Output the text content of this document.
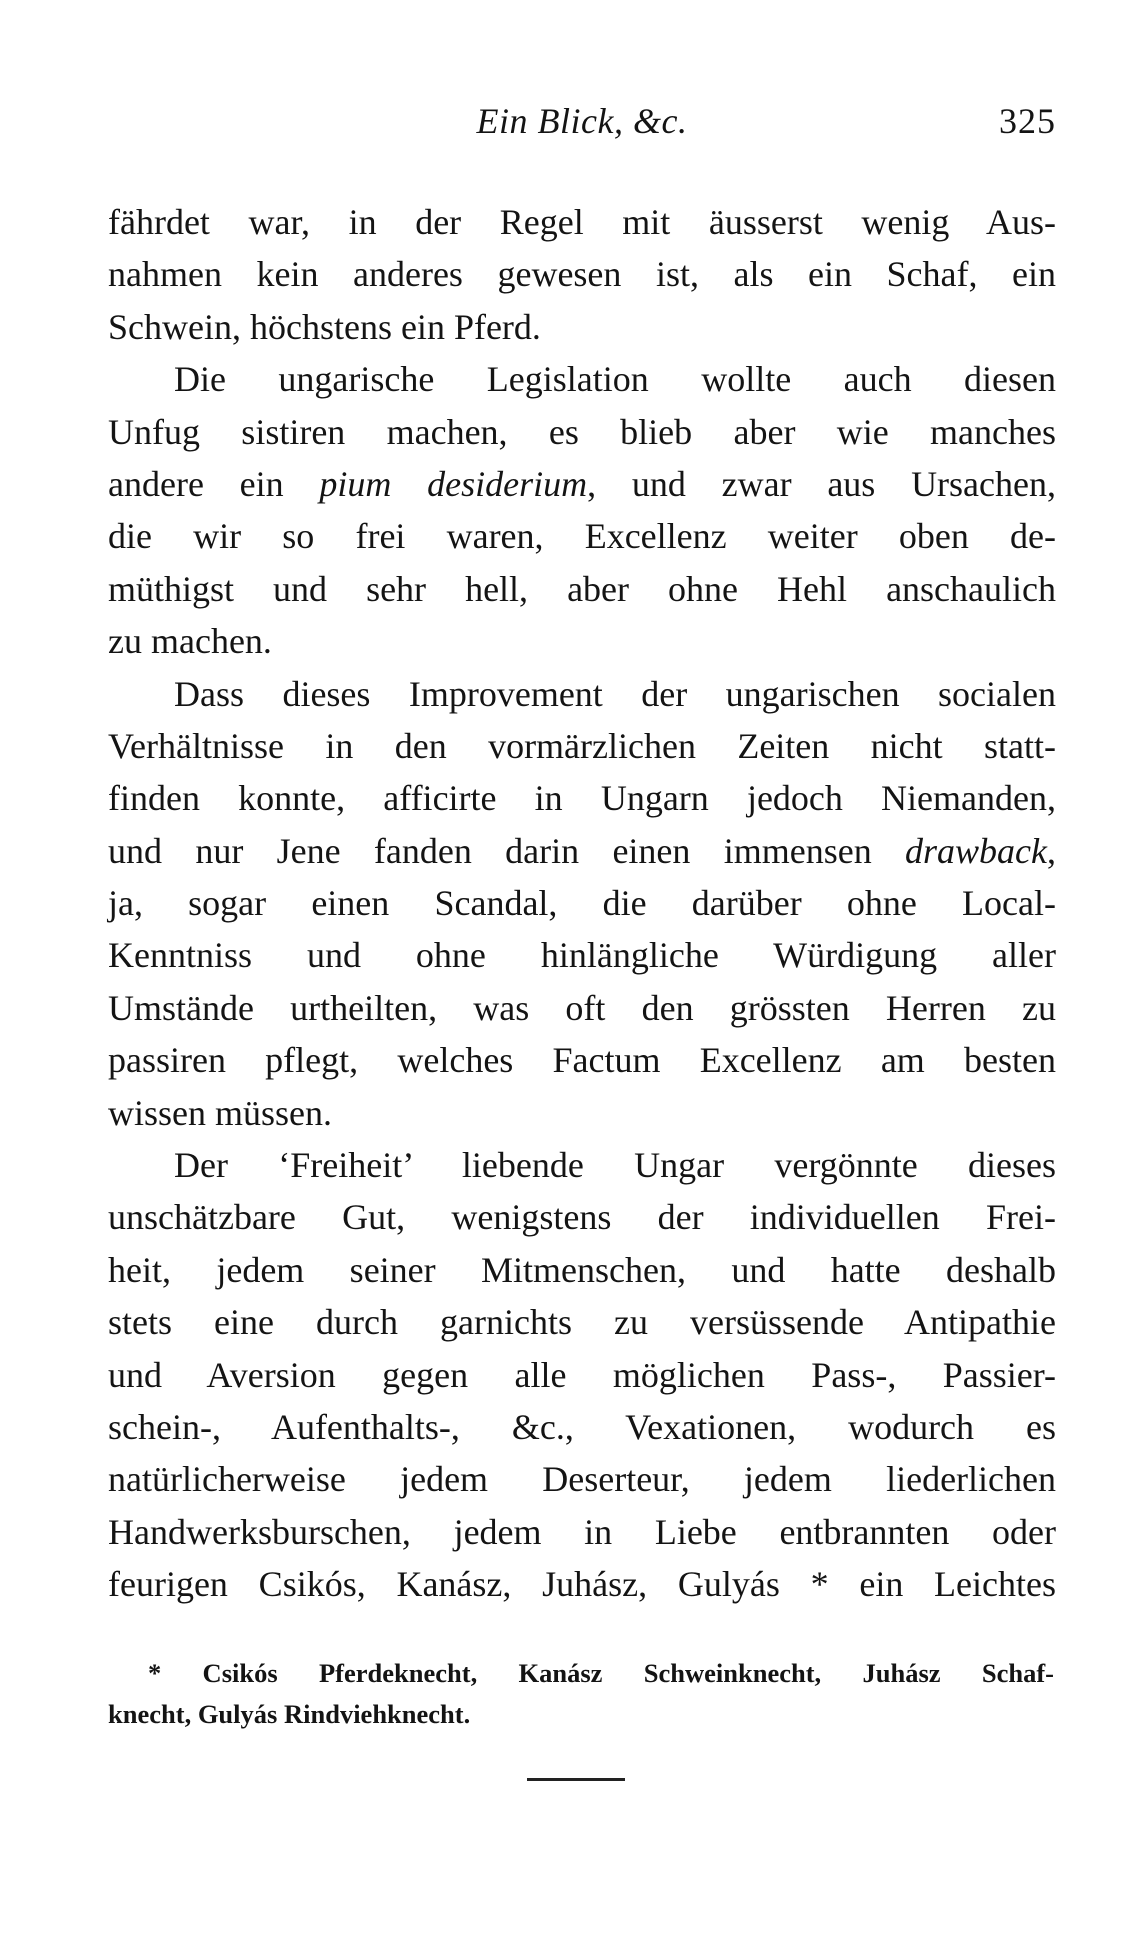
Ein Blick, &c.	325
fährdet war, in der Regel mit äusserst wenig Aus-
nahmen kein anderes gewesen ist, als ein Schaf, ein
Schwein, höchstens ein Pferd.
Die ungarische Legislation wollte auch diesen
Unfug sistiren machen, es blieb aber wie manches
andere ein pium desiderium, und zwar aus Ursachen,
die wir so frei waren, Excellenz weiter oben de-
müthigst und sehr hell, aber ohne Hehl anschaulich
zu machen.
Dass dieses Improvement der ungarischen socialen
Verhältnisse in den vormärzlichen Zeiten nicht statt-
finden konnte, afficirte in Ungarn jedoch Niemanden,
und nur Jene fanden darin einen immensen drawback,
ja, sogar einen Scandal, die darüber ohne Local-
Kenntniss und ohne hinlängliche Würdigung aller
Umstände urtheilten, was oft den grössten Herren zu
passiren pflegt, welches Factum Excellenz am besten
wissen müssen.
Der ‘Freiheit’ liebende Ungar vergönnte dieses
unschätzbare Gut, wenigstens der individuellen Frei-
heit, jedem seiner Mitmenschen, und hatte deshalb
stets eine durch garnichts zu versüssende Antipathie
und Aversion gegen alle möglichen Pass-, Passier-
schein-, Aufenthalts-, &c., Vexationen, wodurch es
natürlicherweise jedem Deserteur, jedem liederlichen
Handwerksburschen, jedem in Liebe entbrannten oder
feurigen Csikós, Kanász, Juhász, Gulyás * ein Leichtes
* Csikós Pferdeknecht, Kanász Schweinknecht, Juhász Schaf-
knecht, Gulyás Rindviehknecht.
